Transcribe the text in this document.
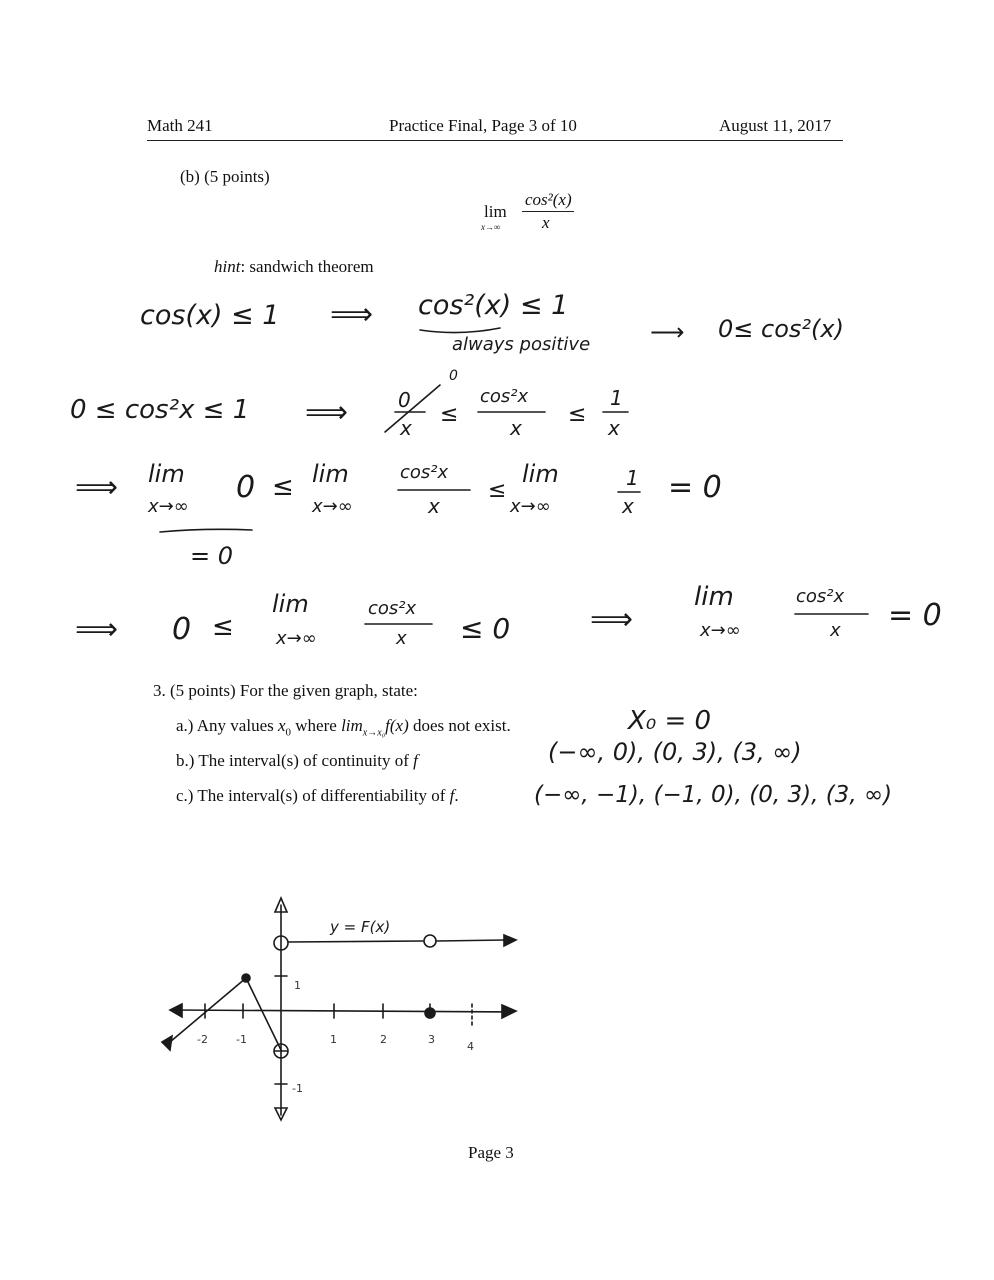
Math 241	Practice Final, Page 3 of 10	August 11, 2017
(b) (5 points)
lim
x→∞
cos²(x)
x
hint: sandwich theorem
cos(x) ≤ 1 ⟹ cos²(x) ≤ 1
always positive ⟶ 0≤ cos²(x)
0 ≤ cos²x ≤ 1 ⟹
0
0
x
≤
cos²x
x
≤
1
x
⟹ lim
x→∞
0 ≤ lim
x→∞
cos²x
x
≤
lim
x→∞
1
x
= 0
= 0
⟹ 0 ≤
lim
x→∞
cos²x
x ≤ 0	⟹
lim
x→∞
cos²x
x = 0
3. (5 points) For the given graph, state:
a.) Any values $x_0$ where $\lim_{x\to x_0}f(x)$ does not exist.	X₀ = 0
b.) The interval(s) of continuity of f	(−∞, 0), (0, 3), (3, ∞)
c.) The interval(s) of differentiability of f.	(−∞, −1), (−1, 0), (0, 3), (3, ∞)
y = F(x)
-2	-1	1	2	3
4
1
-1
Page 3
